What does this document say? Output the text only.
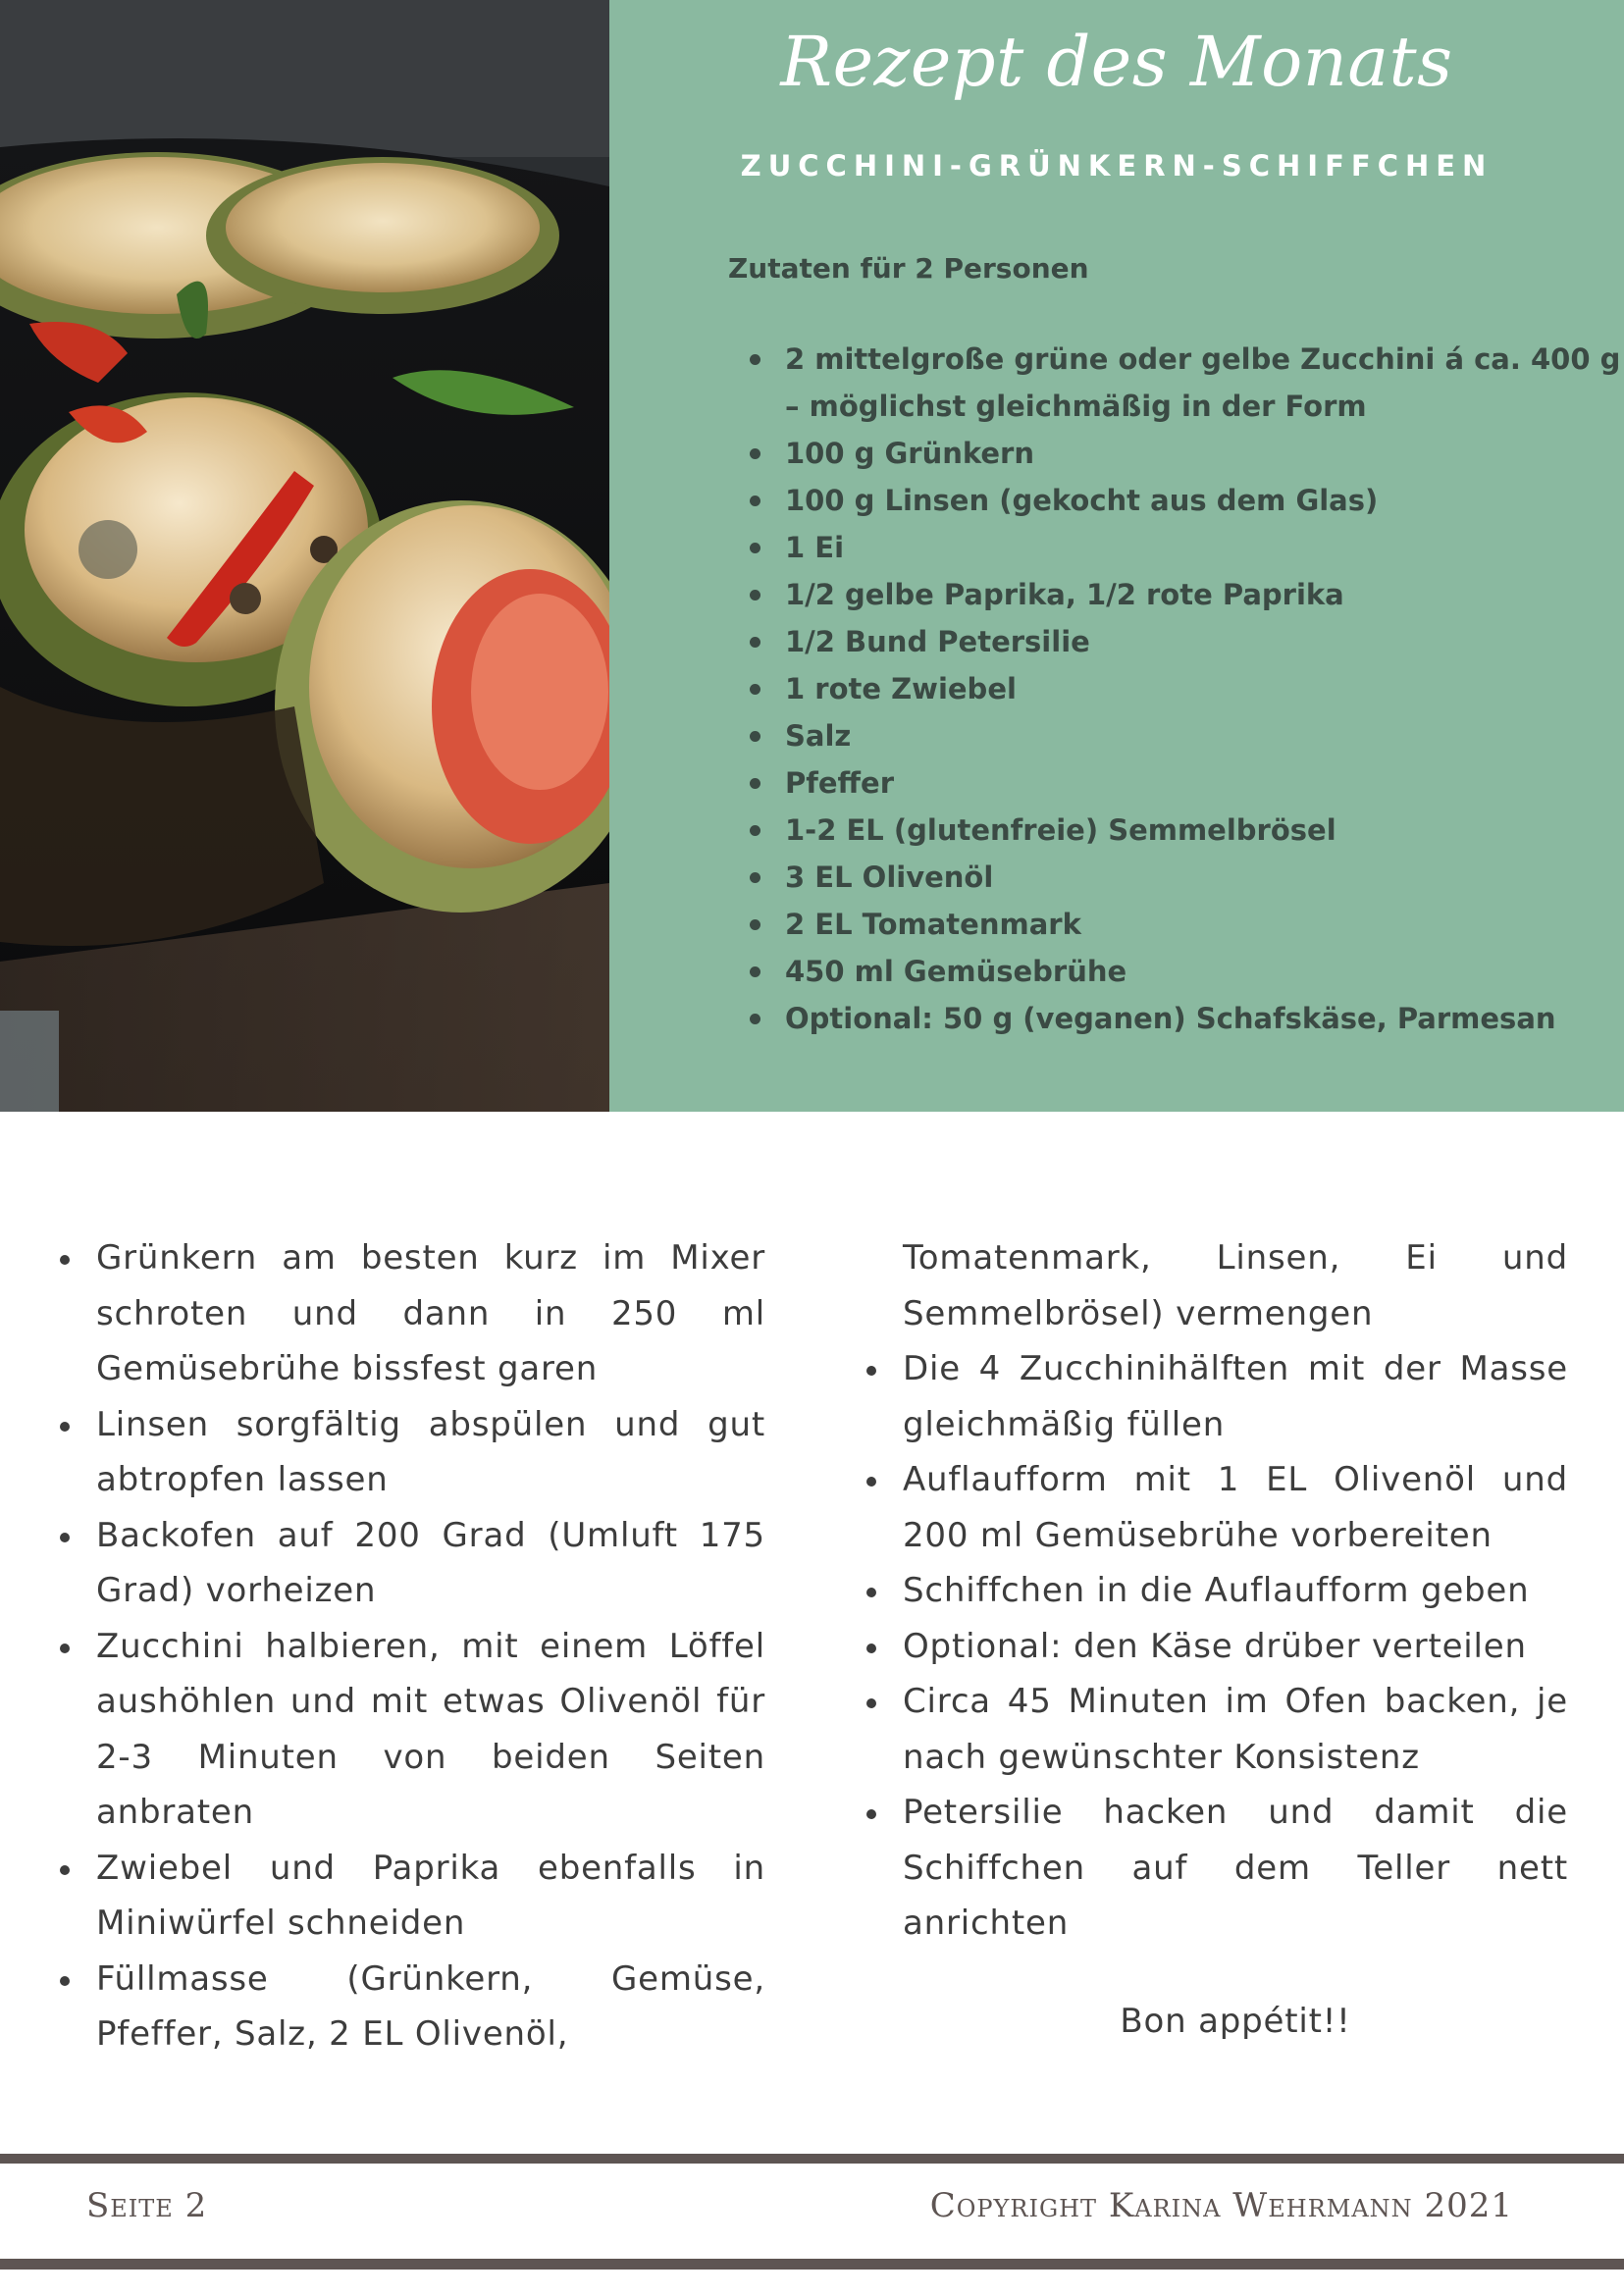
Rezept des Monats
ZUCCHINI-GRÜNKERN-SCHIFFCHEN
Zutaten für 2 Personen
2 mittelgroße grüne oder gelbe Zucchini á ca. 400 g – möglichst gleichmäßig in der Form
100 g Grünkern
100 g Linsen (gekocht aus dem Glas)
1 Ei
1/2 gelbe Paprika, 1/2 rote Paprika
1/2 Bund Petersilie
1 rote Zwiebel
Salz
Pfeffer
1-2 EL (glutenfreie) Semmelbrösel
3 EL Olivenöl
2 EL Tomatenmark
450 ml Gemüsebrühe
Optional: 50 g (veganen) Schafskäse, Parmesan
Grünkern am besten kurz im Mixer schroten und dann in 250 ml Gemüsebrühe bissfest garen
Linsen sorgfältig abspülen und gut abtropfen lassen
Backofen auf 200 Grad (Umluft 175 Grad) vorheizen
Zucchini halbieren, mit einem Löffel aushöhlen und mit etwas Olivenöl für 2-3 Minuten von beiden Seiten anbraten
Zwiebel und Paprika ebenfalls in Miniwürfel schneiden
Füllmasse (Grünkern, Gemüse, Pfeffer, Salz, 2 EL Olivenöl,
Tomatenmark, Linsen, Ei und Semmelbrösel) vermengen
Die 4 Zucchinihälften mit der Masse gleichmäßig füllen
Auflaufform mit 1 EL Olivenöl und 200 ml Gemüsebrühe vorbereiten
Schiffchen in die Auflaufform geben
Optional: den Käse drüber verteilen
Circa 45 Minuten im Ofen backen, je nach gewünschter Konsistenz
Petersilie hacken und damit die Schiffchen auf dem Teller nett anrichten
Bon appétit!!
Seite 2	Copyright Karina Wehrmann 2021
